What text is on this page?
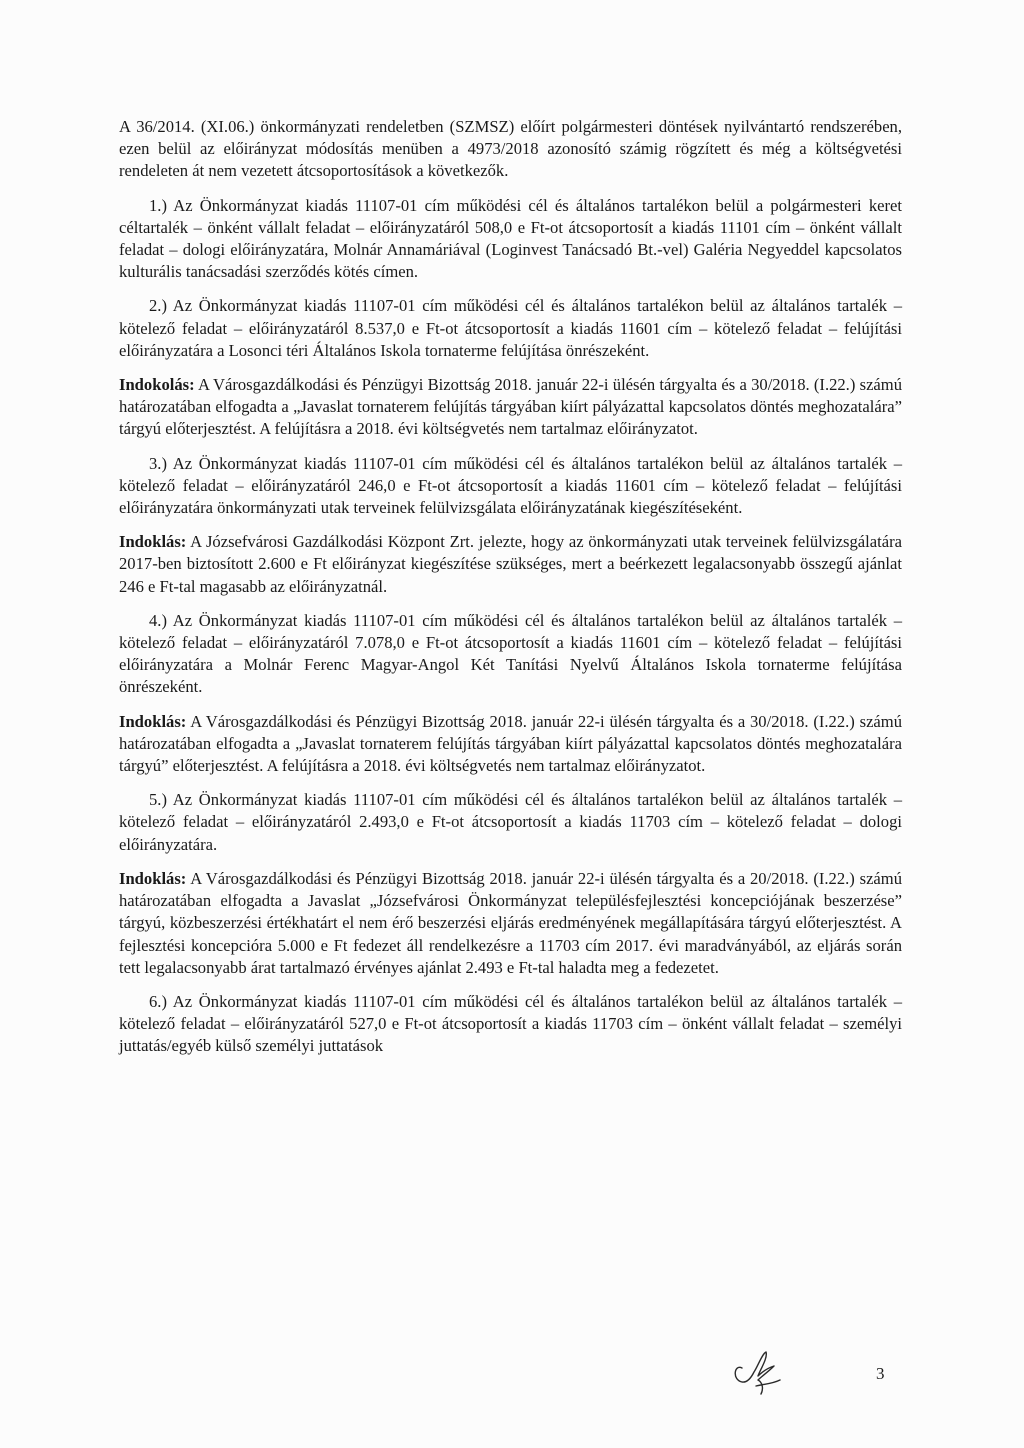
A 36/2014. (XI.06.) önkormányzati rendeletben (SZMSZ) előírt polgármesteri döntések nyilvántartó rendszerében, ezen belül az előirányzat módosítás menüben a 4973/2018 azonosító számig rögzített és még a költségvetési rendeleten át nem vezetett átcsoportosítások a következők.

1.) Az Önkormányzat kiadás 11107-01 cím működési cél és általános tartalékon belül a polgármesteri keret céltartalék – önként vállalt feladat – előirányzatáról 508,0 e Ft-ot átcsoportosít a kiadás 11101 cím – önként vállalt feladat – dologi előirányzatára, Molnár Annamáriával (Loginvest Tanácsadó Bt.-vel) Galéria Negyeddel kapcsolatos kulturális tanácsadási szerződés kötés címen.

2.) Az Önkormányzat kiadás 11107-01 cím működési cél és általános tartalékon belül az általános tartalék – kötelező feladat – előirányzatáról 8.537,0 e Ft-ot átcsoportosít a kiadás 11601 cím – kötelező feladat – felújítási előirányzatára a Losonci téri Általános Iskola tornaterme felújítása önrészeként.

Indokolás: A Városgazdálkodási és Pénzügyi Bizottság 2018. január 22-i ülésén tárgyalta és a 30/2018. (I.22.) számú határozatában elfogadta a „Javaslat tornaterem felújítás tárgyában kiírt pályázattal kapcsolatos döntés meghozatalára” tárgyú előterjesztést. A felújításra a 2018. évi költségvetés nem tartalmaz előirányzatot.

3.) Az Önkormányzat kiadás 11107-01 cím működési cél és általános tartalékon belül az általános tartalék – kötelező feladat – előirányzatáról 246,0 e Ft-ot átcsoportosít a kiadás 11601 cím – kötelező feladat – felújítási előirányzatára önkormányzati utak terveinek felülvizsgálata előirányzatának kiegészítéseként.

Indoklás: A Józsefvárosi Gazdálkodási Központ Zrt. jelezte, hogy az önkormányzati utak terveinek felülvizsgálatára 2017-ben biztosított 2.600 e Ft előirányzat kiegészítése szükséges, mert a beérkezett legalacsonyabb összegű ajánlat 246 e Ft-tal magasabb az előirányzatnál.

4.) Az Önkormányzat kiadás 11107-01 cím működési cél és általános tartalékon belül az általános tartalék – kötelező feladat – előirányzatáról 7.078,0 e Ft-ot átcsoportosít a kiadás 11601 cím – kötelező feladat – felújítási előirányzatára a Molnár Ferenc Magyar-Angol Két Tanítási Nyelvű Általános Iskola tornaterme felújítása önrészeként.

Indoklás: A Városgazdálkodási és Pénzügyi Bizottság 2018. január 22-i ülésén tárgyalta és a 30/2018. (I.22.) számú határozatában elfogadta a „Javaslat tornaterem felújítás tárgyában kiírt pályázattal kapcsolatos döntés meghozatalára tárgyú” előterjesztést. A felújításra a 2018. évi költségvetés nem tartalmaz előirányzatot.

5.) Az Önkormányzat kiadás 11107-01 cím működési cél és általános tartalékon belül az általános tartalék – kötelező feladat – előirányzatáról 2.493,0 e Ft-ot átcsoportosít a kiadás 11703 cím – kötelező feladat – dologi előirányzatára.

Indoklás: A Városgazdálkodási és Pénzügyi Bizottság 2018. január 22-i ülésén tárgyalta és a 20/2018. (I.22.) számú határozatában elfogadta a Javaslat „Józsefvárosi Önkormányzat településfejlesztési koncepciójának beszerzése” tárgyú, közbeszerzési értékhatárt el nem érő beszerzési eljárás eredményének megállapítására tárgyú előterjesztést. A fejlesztési koncepcióra 5.000 e Ft fedezet áll rendelkezésre a 11703 cím 2017. évi maradványából, az eljárás során tett legalacsonyabb árat tartalmazó érvényes ajánlat 2.493 e Ft-tal haladta meg a fedezetet.

6.) Az Önkormányzat kiadás 11107-01 cím működési cél és általános tartalékon belül az általános tartalék – kötelező feladat – előirányzatáról 527,0 e Ft-ot átcsoportosít a kiadás 11703 cím – önként vállalt feladat – személyi juttatás/egyéb külső személyi juttatások

3
